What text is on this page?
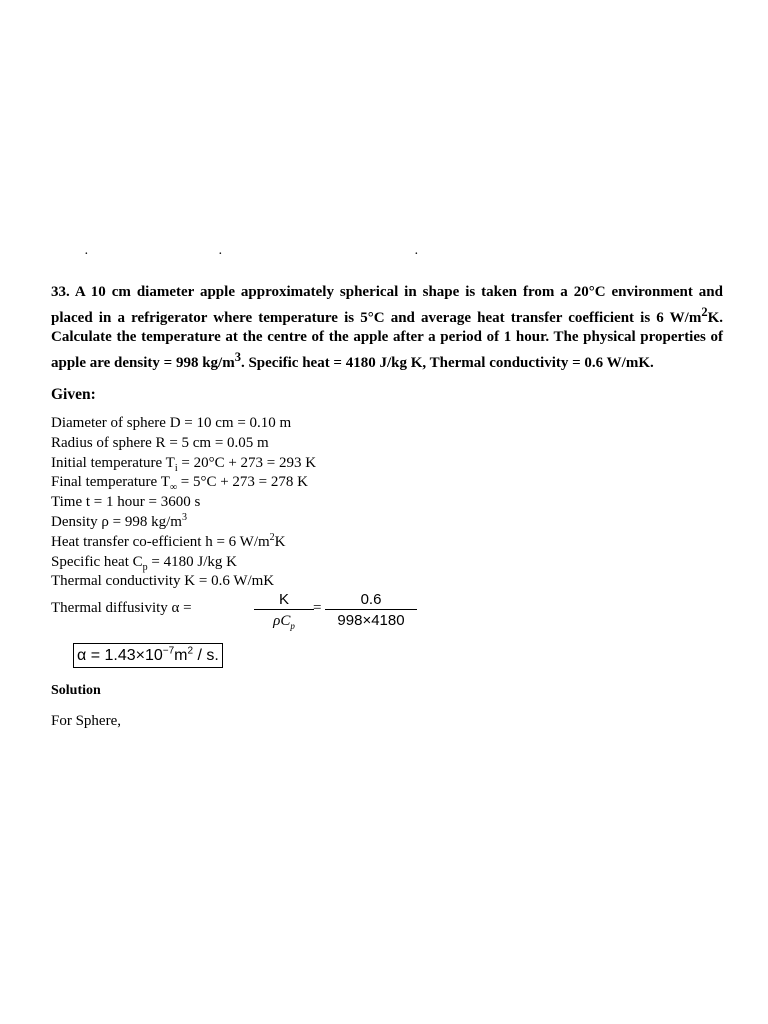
·	·	·
33. A 10 cm diameter apple approximately spherical in shape is taken from a 20°C environment and placed in a refrigerator where temperature is 5°C and average heat transfer coefficient is 6 $W/m^2K$. Calculate the temperature at the centre of the apple after a period of 1 hour. The physical properties of apple are density = 998 $kg/m^3$. Specific heat = 4180 J/kg K, Thermal conductivity = 0.6 W/mK.
Given:
Diameter of sphere D = 10 cm = 0.10 m
Radius of sphere R = 5 cm = 0.05 m
Initial temperature $T_i = 20^\circ C + 273 = 293$ K
Final temperature $T_\infty = 5^\circ C + 273 = 278$ K
Time t = 1 hour = 3600 s
Density ρ = 998 $kg/m^3$
Heat transfer co-efficient h = 6 $W/m^2K$
Specific heat $C_p = 4180$ J/kg K
Thermal conductivity K = 0.6 W/mK
Thermal diffusivity α =	K
$\rho C_p$
= $\frac{0.6}{998\times 4180}$
$\alpha = 1.43\times 10^{-7}m^2 / s$.
Solution
For Sphere,
